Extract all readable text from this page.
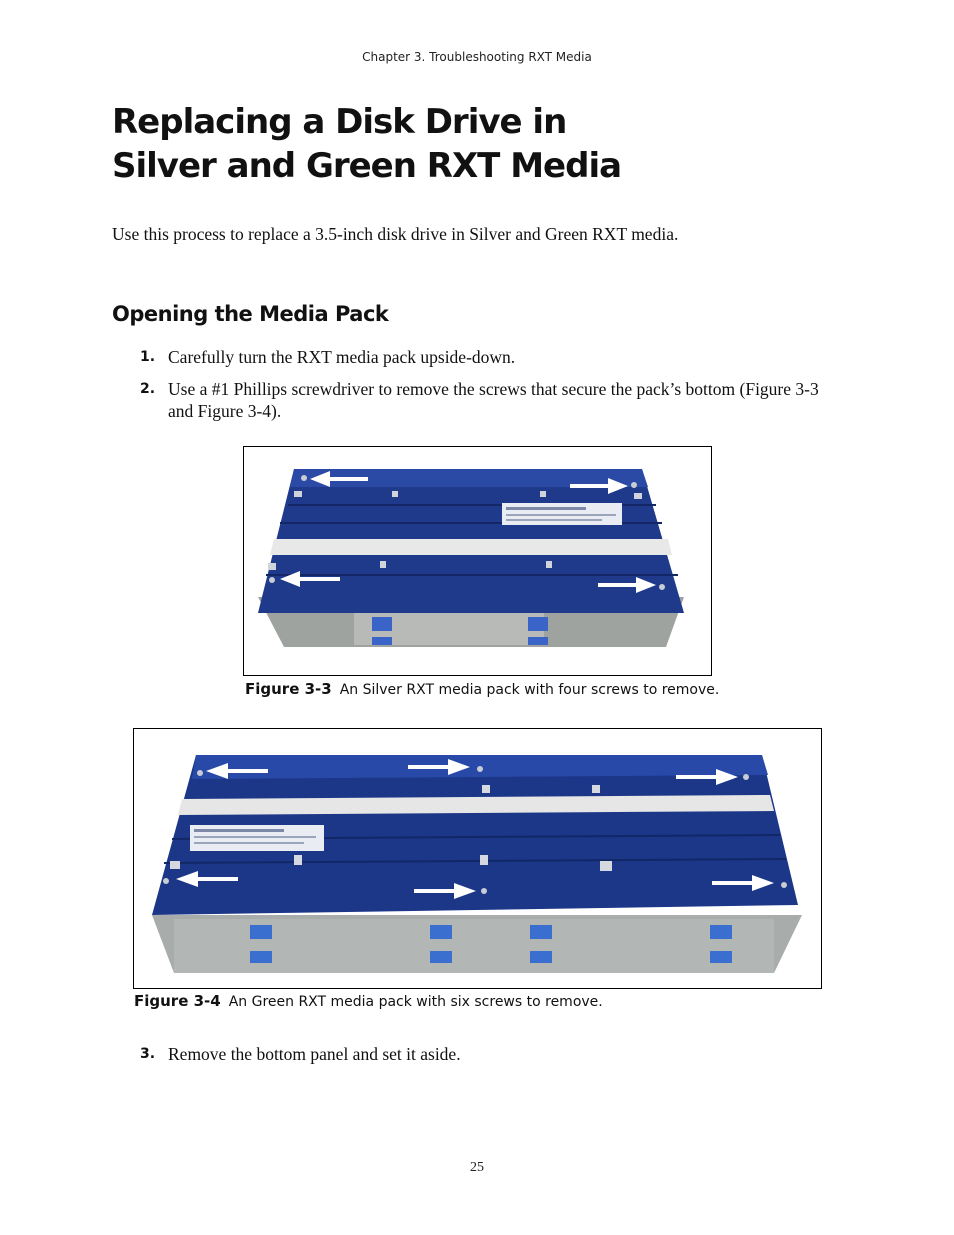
Chapter 3. Troubleshooting RXT Media
Replacing a Disk Drive in
Silver and Green RXT Media

Use this process to replace a 3.5-inch disk drive in Silver and Green RXT media.

Opening the Media Pack
1. Carefully turn the RXT media pack upside-down.
2. Use a #1 Phillips screwdriver to remove the screws that secure the pack’s bottom (Figure 3-3 and Figure 3-4).
Figure 3-3 An Silver RXT media pack with four screws to remove.
Figure 3-4 An Green RXT media pack with six screws to remove.
3. Remove the bottom panel and set it aside.
25
